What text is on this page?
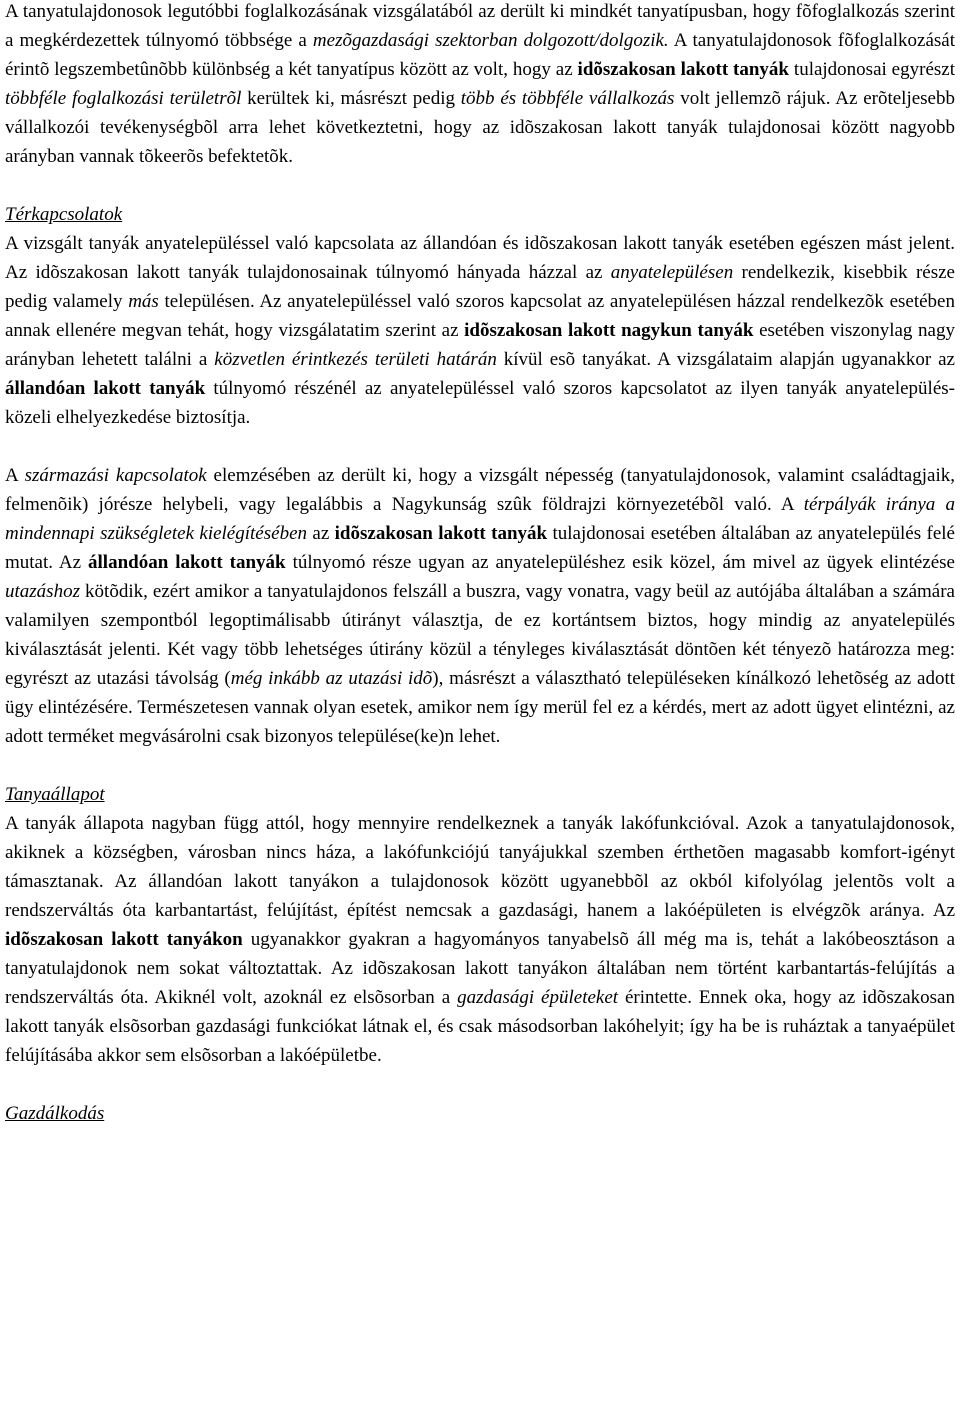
A tanyatulajdonosok legutóbbi foglalkozásának vizsgálatából az derült ki mindkét tanyatípusban, hogy fõfoglalkozás szerint a megkérdezettek túlnyomó többsége a mezõgazdasági szektorban dolgozott/dolgozik. A tanyatulajdonosok fõfoglalkozását érintõ legszembetûnõbb különbség a két tanyatípus között az volt, hogy az idõszakosan lakott tanyák tulajdonosai egyrészt többféle foglalkozási területrõl kerültek ki, másrészt pedig több és többféle vállalkozás volt jellemzõ rájuk. Az erõteljesebb vállalkozói tevékenységbõl arra lehet következtetni, hogy az idõszakosan lakott tanyák tulajdonosai között nagyobb arányban vannak tõkeerõs befektetõk.

Térkapcsolatok

A vizsgált tanyák anyatelepüléssel való kapcsolata az állandóan és idõszakosan lakott tanyák esetében egészen mást jelent. Az idõszakosan lakott tanyák tulajdonosainak túlnyomó hányada házzal az anyatelepülésen rendelkezik, kisebbik része pedig valamely más településen. Az anyatelepüléssel való szoros kapcsolat az anyatelepülésen házzal rendelkezõk esetében annak ellenére megvan tehát, hogy vizsgálatatim szerint az idõszakosan lakott nagykun tanyák esetében viszonylag nagy arányban lehetett találni a közvetlen érintkezés területi határán kívül esõ tanyákat. A vizsgálataim alapján ugyanakkor az állandóan lakott tanyák túlnyomó részénél az anyatelepüléssel való szoros kapcsolatot az ilyen tanyák anyatelepülés-közeli elhelyezkedése biztosítja.

A származási kapcsolatok elemzésében az derült ki, hogy a vizsgált népesség (tanyatulajdonosok, valamint családtagjaik, felmenõik) jórésze helybeli, vagy legalábbis a Nagykunság szûk földrajzi környezetébõl való. A térpályák iránya a mindennapi szükségletek kielégítésében az idõszakosan lakott tanyák tulajdonosai esetében általában az anyatelepülés felé mutat. Az állandóan lakott tanyák túlnyomó része ugyan az anyatelepüléshez esik közel, ám mivel az ügyek elintézése utazáshoz kötõdik, ezért amikor a tanyatulajdonos felszáll a buszra, vagy vonatra, vagy beül az autójába általában a számára valamilyen szempontból legoptimálisabb útirányt választja, de ez kortántsem biztos, hogy mindig az anyatelepülés kiválasztását jelenti. Két vagy több lehetséges útirány közül a tényleges kiválasztását döntõen két tényezõ határozza meg: egyrészt az utazási távolság (még inkább az utazási idõ), másrészt a választható településeken kínálkozó lehetõség az adott ügy elintézésére. Természetesen vannak olyan esetek, amikor nem így merül fel ez a kérdés, mert az adott ügyet elintézni, az adott terméket megvásárolni csak bizonyos települése(ke)n lehet.

Tanyaállapot

A tanyák állapota nagyban függ attól, hogy mennyire rendelkeznek a tanyák lakófunkcióval. Azok a tanyatulajdonosok, akiknek a községben, városban nincs háza, a lakófunkciójú tanyájukkal szemben érthetõen magasabb komfort-igényt támasztanak. Az állandóan lakott tanyákon a tulajdonosok között ugyanebbõl az okból kifolyólag jelentõs volt a rendszerváltás óta karbantartást, felújítást, építést nemcsak a gazdasági, hanem a lakóépületen is elvégzõk aránya. Az idõszakosan lakott tanyákon ugyanakkor gyakran a hagyományos tanyabelsõ áll még ma is, tehát a lakóbeosztáson a tanyatulajdonok nem sokat változtattak. Az idõszakosan lakott tanyákon általában nem történt karbantartás-felújítás a rendszerváltás óta. Akiknél volt, azoknál ez elsõsorban a gazdasági épületeket érintette. Ennek oka, hogy az idõszakosan lakott tanyák elsõsorban gazdasági funkciókat látnak el, és csak másodsorban lakóhelyit; így ha be is ruháztak a tanyaépület felújításába akkor sem elsõsorban a lakóépületbe.

Gazdálkodás
